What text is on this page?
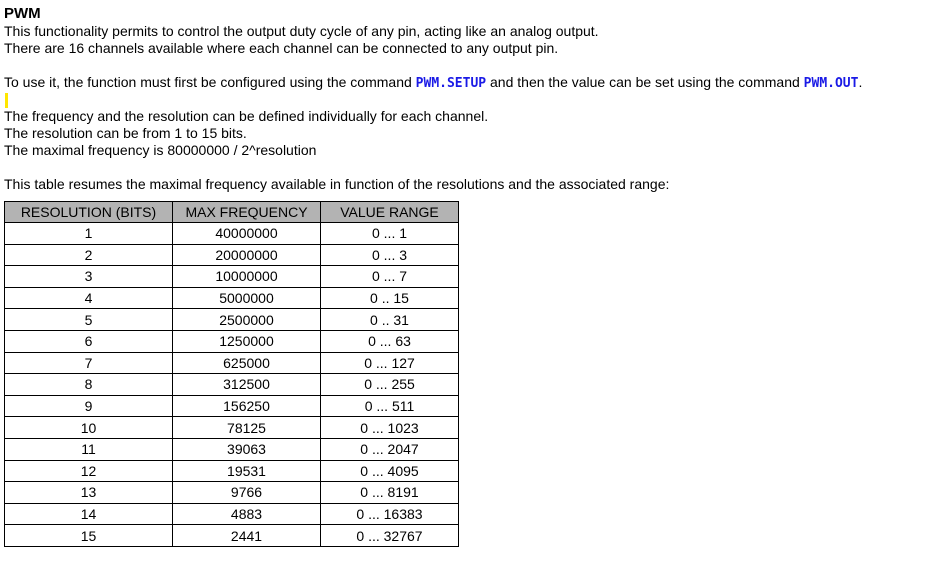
PWM

This functionality permits to control the output duty cycle of any pin, acting like an analog output.
There are 16 channels available where each channel can be connected to any output pin.

To use it, the function must first be configured using the command PWM.SETUP and then the value can be set using the command PWM.OUT.

The frequency and the resolution can be defined individually for each channel.
The resolution can be from 1 to 15 bits.
The maximal frequency is 80000000 / 2^resolution

This table resumes the maximal frequency available in function of the resolutions and the associated range:

RESOLUTION (BITS)	MAX FREQUENCY	VALUE RANGE
1	40000000	0 ... 1
2	20000000	0 ... 3
3	10000000	0 ... 7
4	5000000	0 .. 15
5	2500000	0 .. 31
6	1250000	0 ... 63
7	625000	0 ... 127
8	312500	0 ... 255
9	156250	0 ... 511
10	78125	0 ... 1023
11	39063	0 ... 2047
12	19531	0 ... 4095
13	9766	0 ... 8191
14	4883	0 ... 16383
15	2441	0 ... 32767
